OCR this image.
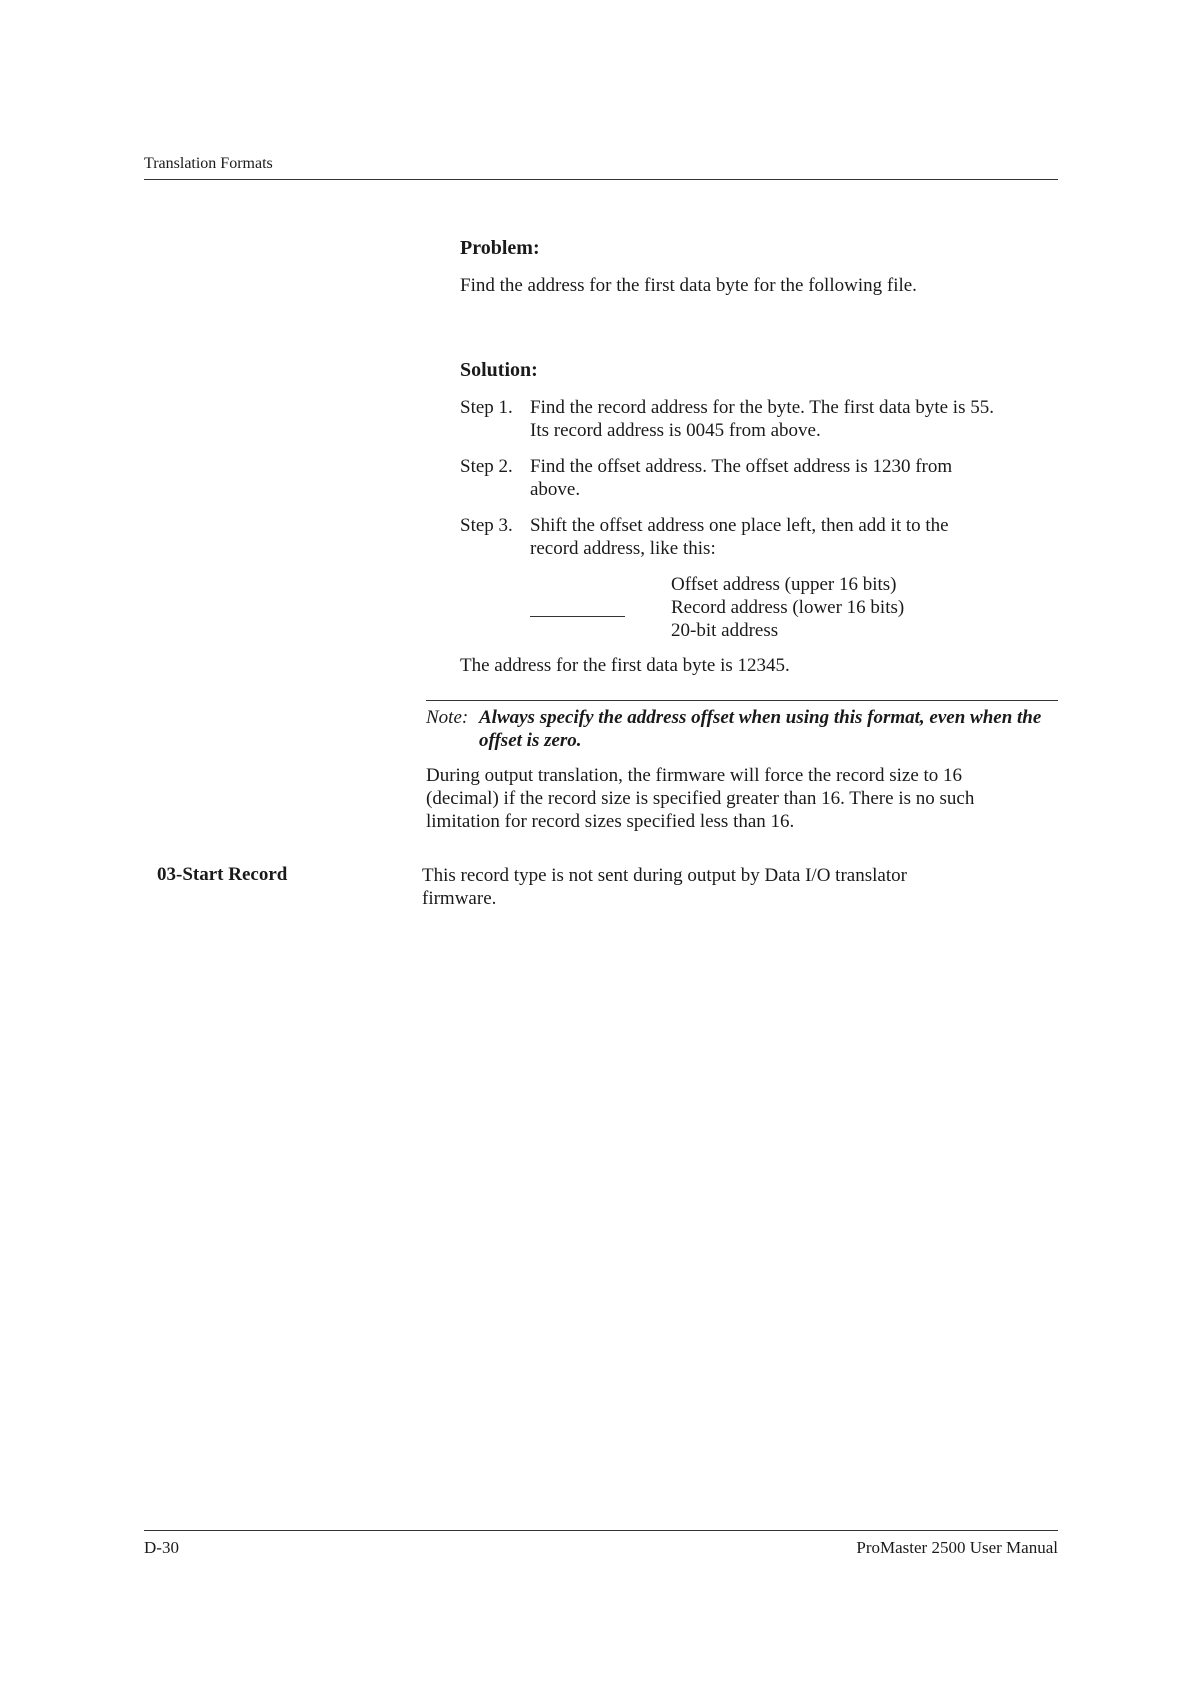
Translation Formats
Problem:
Find the address for the first data byte for the following file.
Solution:
Step 1. Find the record address for the byte. The first data byte is 55.
Its record address is 0045 from above.
Step 2. Find the offset address. The offset address is 1230 from
above.
Step 3. Shift the offset address one place left, then add it to the
record address, like this:
Offset address (upper 16 bits)
Record address (lower 16 bits)
20-bit address
The address for the first data byte is 12345.
Note: Always specify the address offset when using this format, even when the
offset is zero.
During output translation, the firmware will force the record size to 16
(decimal) if the record size is specified greater than 16. There is no such
limitation for record sizes specified less than 16.
03-Start Record	This record type is not sent during output by Data I/O translator
firmware.
D-30	ProMaster 2500 User Manual
